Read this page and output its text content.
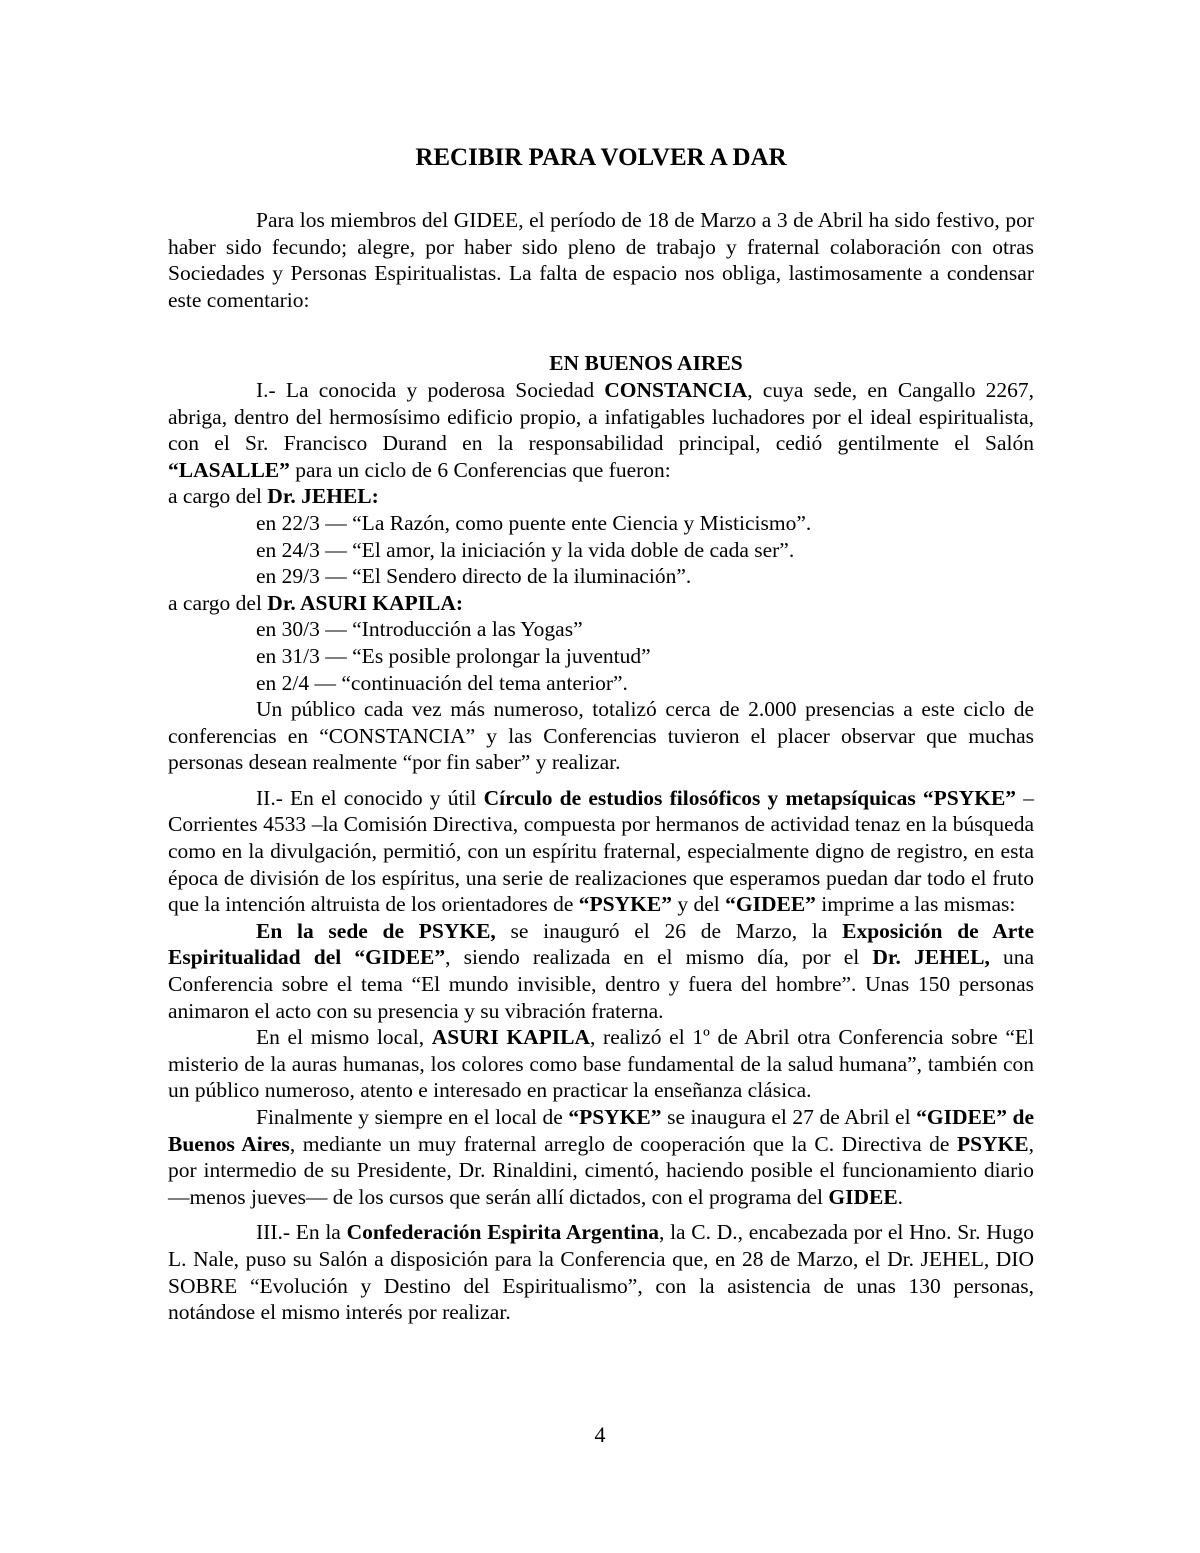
RECIBIR PARA VOLVER A DAR

Para los miembros del GIDEE, el período de 18 de Marzo a 3 de Abril ha sido festivo, por haber sido fecundo; alegre, por haber sido pleno de trabajo y fraternal colaboración con otras Sociedades y Personas Espiritualistas. La falta de espacio nos obliga, lastimosamente a condensar este comentario:

EN BUENOS AIRES

I.- La conocida y poderosa Sociedad CONSTANCIA, cuya sede, en Cangallo 2267, abriga, dentro del hermosísimo edificio propio, a infatigables luchadores por el ideal espiritualista, con el Sr. Francisco Durand en la responsabilidad principal, cedió gentilmente el Salón “LASALLE” para un ciclo de 6 Conferencias que fueron:

a cargo del Dr. JEHEL:
en 22/3 — “La Razón, como puente ente Ciencia y Misticismo”.
en 24/3 — “El amor, la iniciación y la vida doble de cada ser”.
en 29/3 — “El Sendero directo de la iluminación”.
a cargo del Dr. ASURI KAPILA:
en 30/3 — “Introducción a las Yogas”
en 31/3 — “Es posible prolongar la juventud”
en 2/4 — “continuación del tema anterior”.

Un público cada vez más numeroso, totalizó cerca de 2.000 presencias a este ciclo de conferencias en “CONSTANCIA” y las Conferencias tuvieron el placer observar que muchas personas desean realmente “por fin saber” y realizar.

II.- En el conocido y útil Círculo de estudios filosóficos y metapsíquicas “PSYKE” – Corrientes 4533 –la Comisión Directiva, compuesta por hermanos de actividad tenaz en la búsqueda como en la divulgación, permitió, con un espíritu fraternal, especialmente digno de registro, en esta época de división de los espíritus, una serie de realizaciones que esperamos puedan dar todo el fruto que la intención altruista de los orientadores de “PSYKE” y del “GIDEE” imprime a las mismas:

En la sede de PSYKE, se inauguró el 26 de Marzo, la Exposición de Arte Espiritualidad del “GIDEE”, siendo realizada en el mismo día, por el Dr. JEHEL, una Conferencia sobre el tema “El mundo invisible, dentro y fuera del hombre”. Unas 150 personas animaron el acto con su presencia y su vibración fraterna.

En el mismo local, ASURI KAPILA, realizó el 1º de Abril otra Conferencia sobre “El misterio de la auras humanas, los colores como base fundamental de la salud humana”, también con un público numeroso, atento e interesado en practicar la enseñanza clásica.

Finalmente y siempre en el local de “PSYKE” se inaugura el 27 de Abril el “GIDEE” de Buenos Aires, mediante un muy fraternal arreglo de cooperación que la C. Directiva de PSYKE, por intermedio de su Presidente, Dr. Rinaldini, cimentó, haciendo posible el funcionamiento diario —menos jueves— de los cursos que serán allí dictados, con el programa del GIDEE.

III.- En la Confederación Espirita Argentina, la C. D., encabezada por el Hno. Sr. Hugo L. Nale, puso su Salón a disposición para la Conferencia que, en 28 de Marzo, el Dr. JEHEL, DIO SOBRE “Evolución y Destino del Espiritualismo”, con la asistencia de unas 130 personas, notándose el mismo interés por realizar.

4
